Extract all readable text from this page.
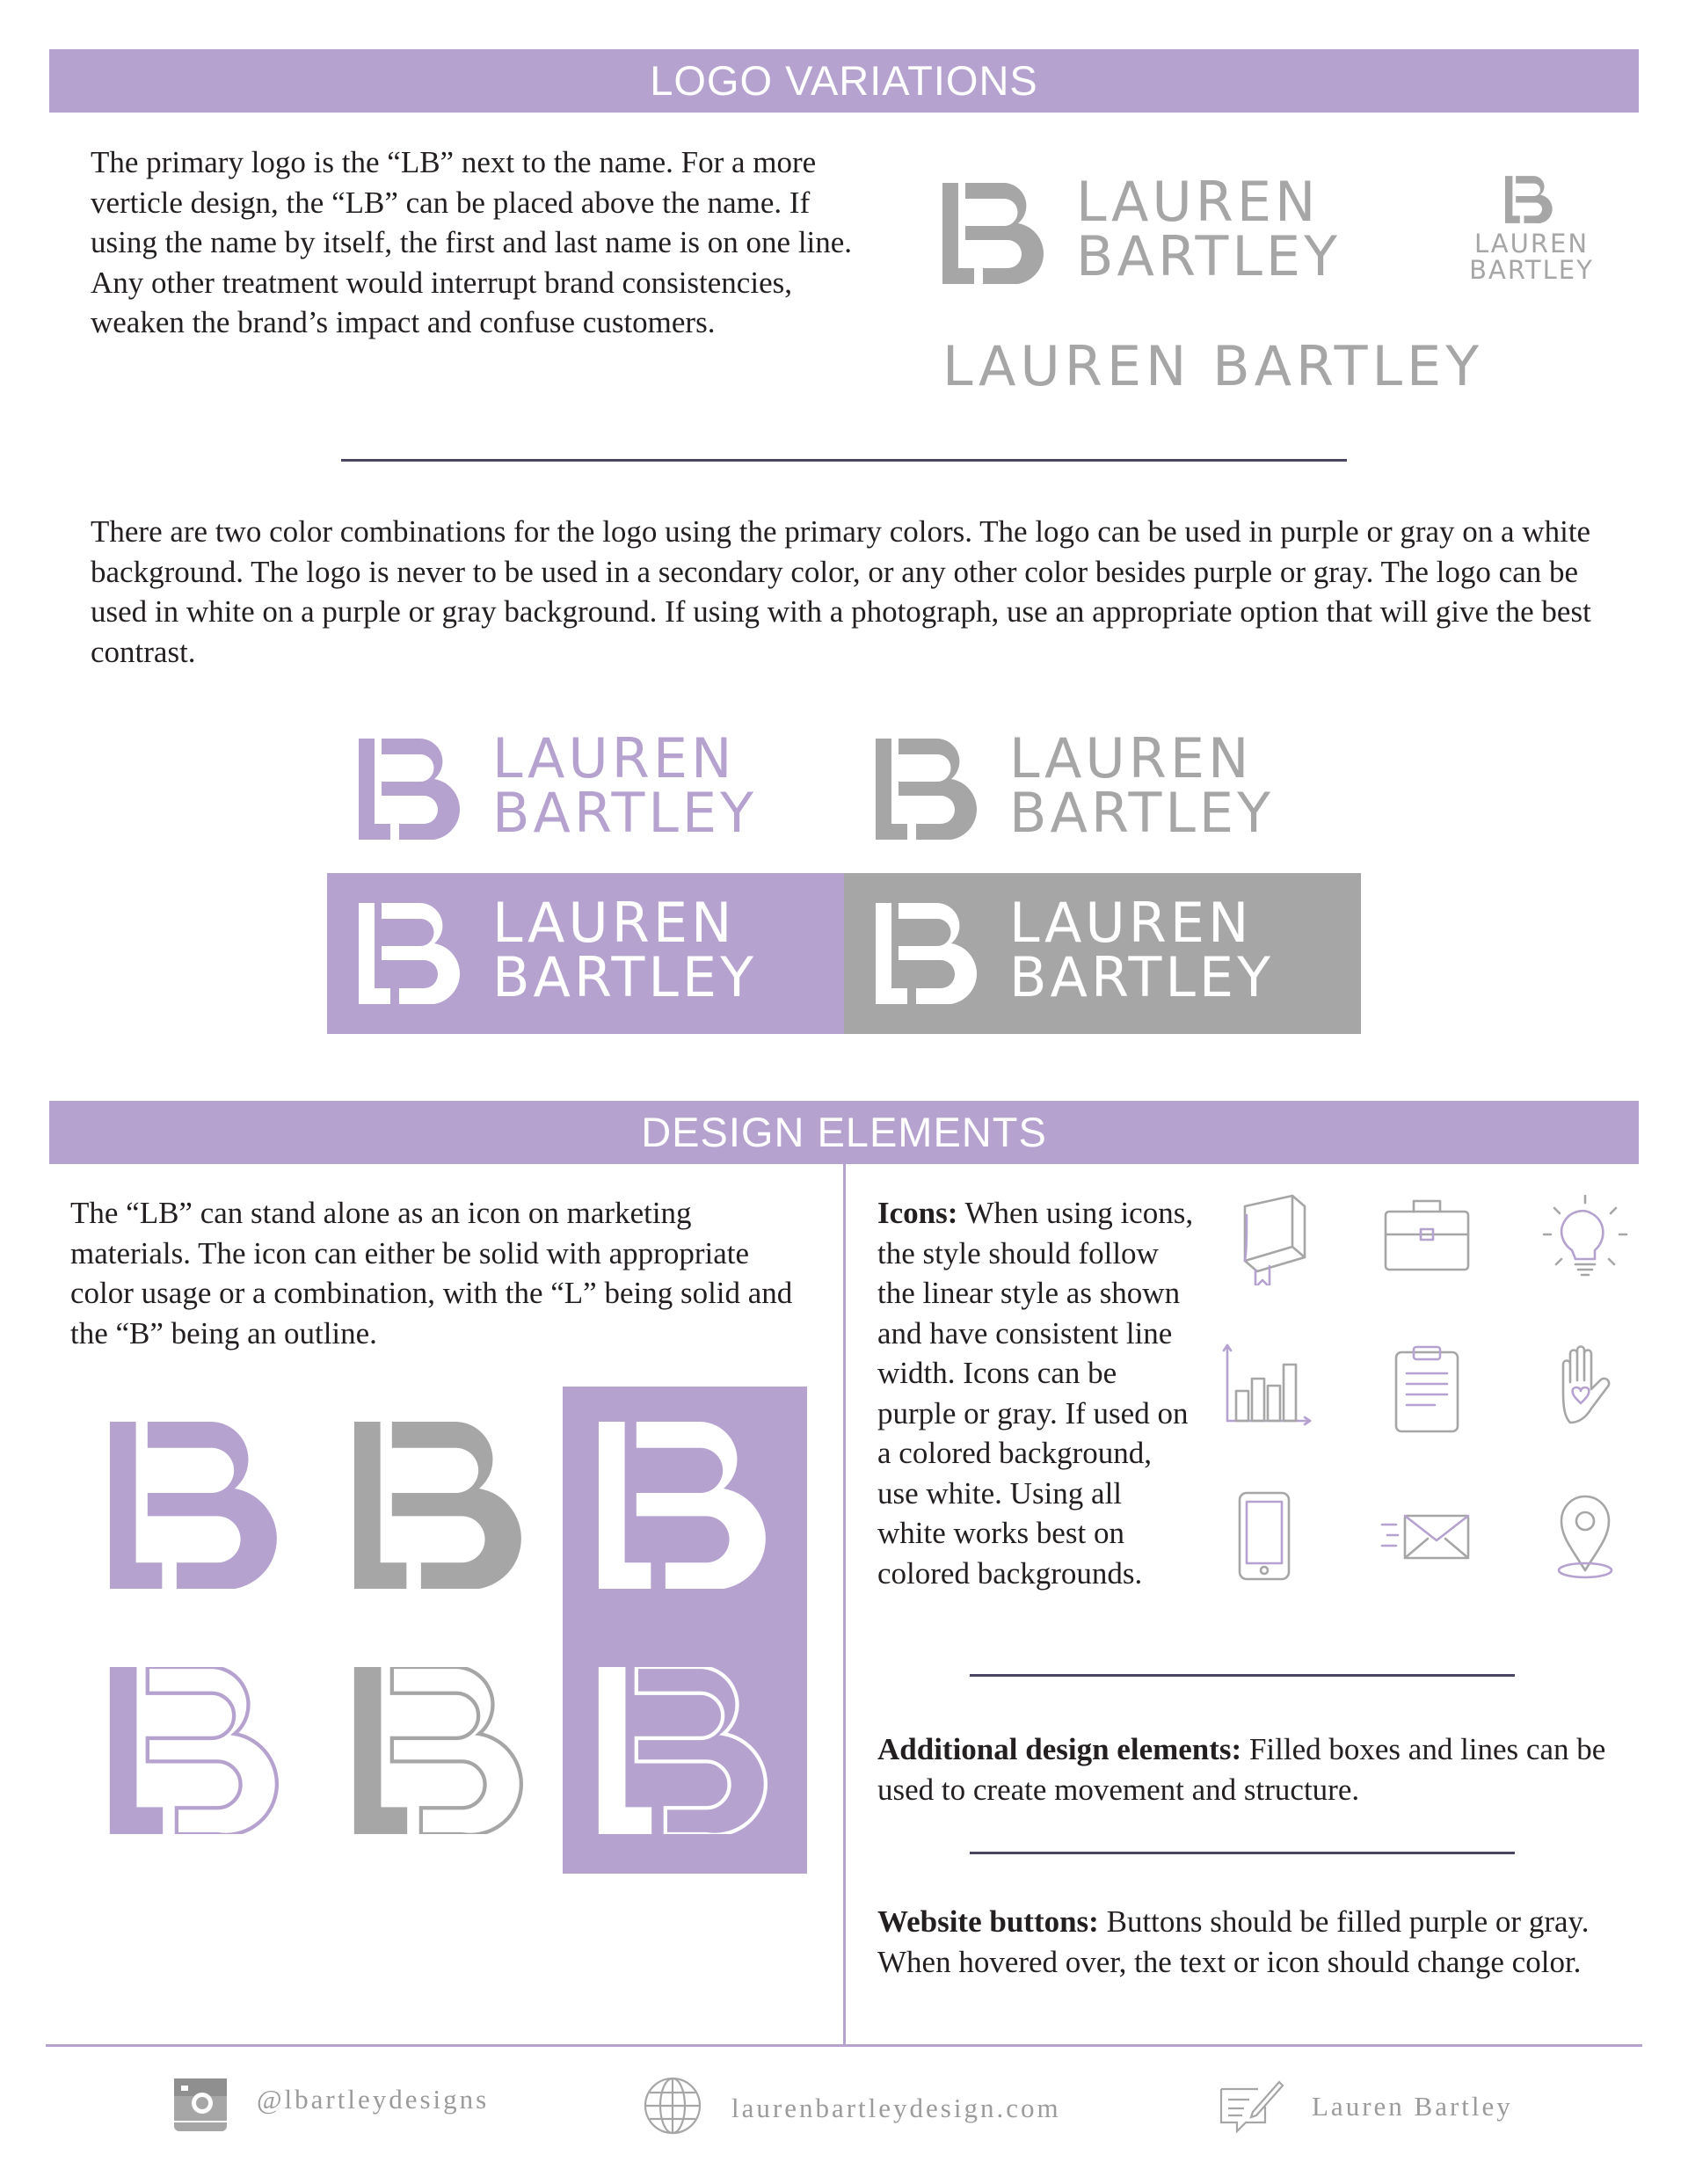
LOGO VARIATIONS
The primary logo is the “LB” next to the name. For a more verticle design, the “LB” can be placed above the name. If using the name by itself, the first and last name is on one line. Any other treatment would interrupt brand consistencies, weaken the brand’s impact and confuse customers.
LAUREN
BARTLEY	LAUREN
BARTLEY
LAUREN BARTLEY
There are two color combinations for the logo using the primary colors. The logo can be used in purple or gray on a white background. The logo is never to be used in a secondary color, or any other color besides purple or gray. The logo can be used in white on a purple or gray background. If using with a photograph, use an appropriate option that will give the best contrast.
LAUREN
BARTLEY
LAUREN
BARTLEY
LAUREN
BARTLEY
LAUREN
BARTLEY
DESIGN ELEMENTS
The “LB” can stand alone as an icon on marketing materials. The icon can either be solid with appropriate color usage or a combination, with the “L” being solid and the “B” being an outline.
Icons: When using icons, the style should follow the linear style as shown and have consistent line width. Icons can be purple or gray. If used on a colored background, use white. Using all white works best on colored backgrounds.
Additional design elements: Filled boxes and lines can be used to create movement and structure.
Website buttons: Buttons should be filled purple or gray. When hovered over, the text or icon should change color.
@lbartleydesigns	laurenbartleydesign.com	Lauren Bartley
